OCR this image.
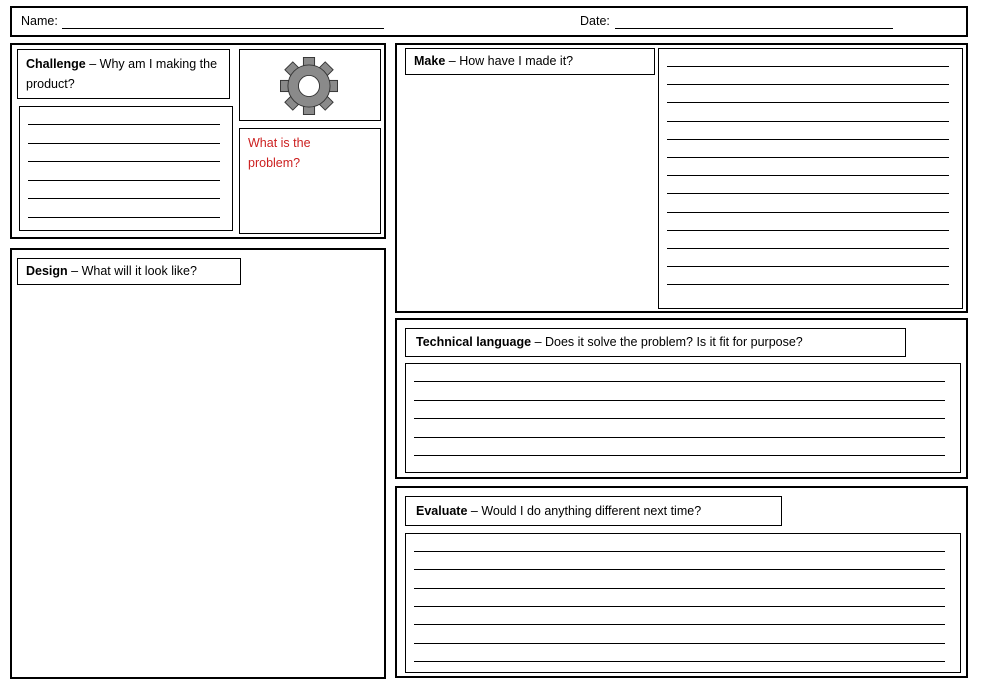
Name:	Date:
Challenge – Why am I making the product?
What is the problem?
Design – What will it look like?
Make – How have I made it?
Technical language – Does it solve the problem? Is it fit for purpose?
Evaluate – Would I do anything different next time?
